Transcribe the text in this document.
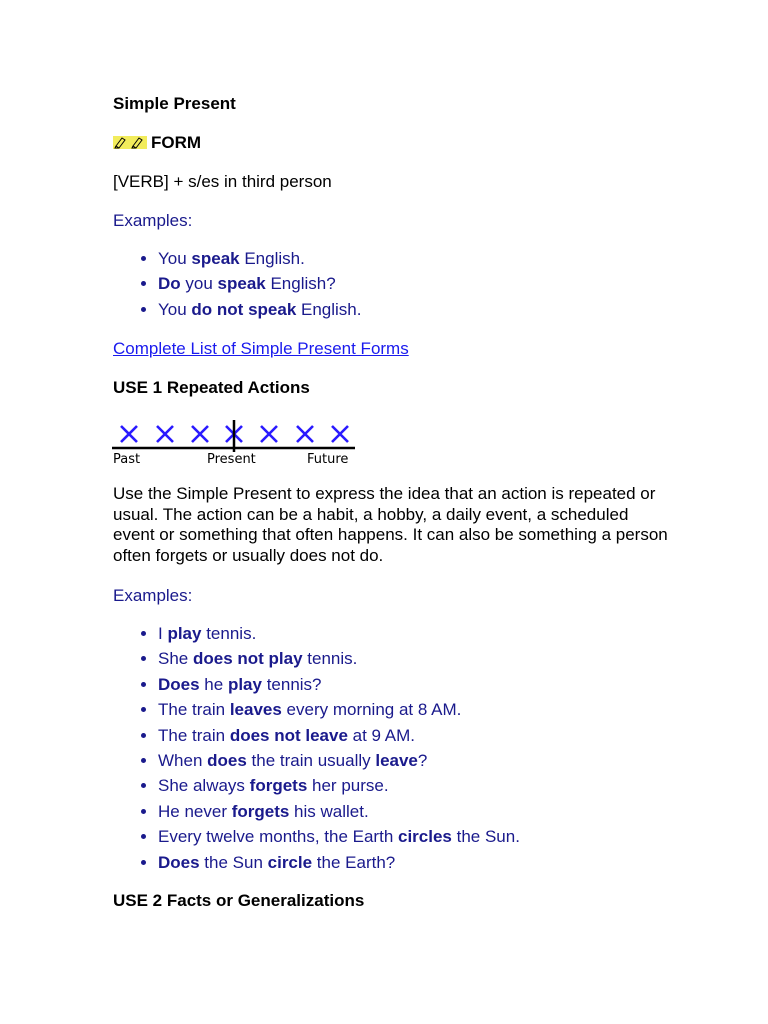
Simple Present

FORM

[VERB] + s/es in third person

Examples:

• You speak English.
• Do you speak English?
• You do not speak English.
Complete List of Simple Present Forms

USE 1 Repeated Actions

Past	Present	Future

Use the Simple Present to express the idea that an action is repeated or usual. The action can be a habit, a hobby, a daily event, a scheduled event or something that often happens. It can also be something a person often forgets or usually does not do.

Examples:

• I play tennis.
• She does not play tennis.
• Does he play tennis?
• The train leaves every morning at 8 AM.
• The train does not leave at 9 AM.
• When does the train usually leave?
• She always forgets her purse.
• He never forgets his wallet.
• Every twelve months, the Earth circles the Sun.
• Does the Sun circle the Earth?

USE 2 Facts or Generalizations
